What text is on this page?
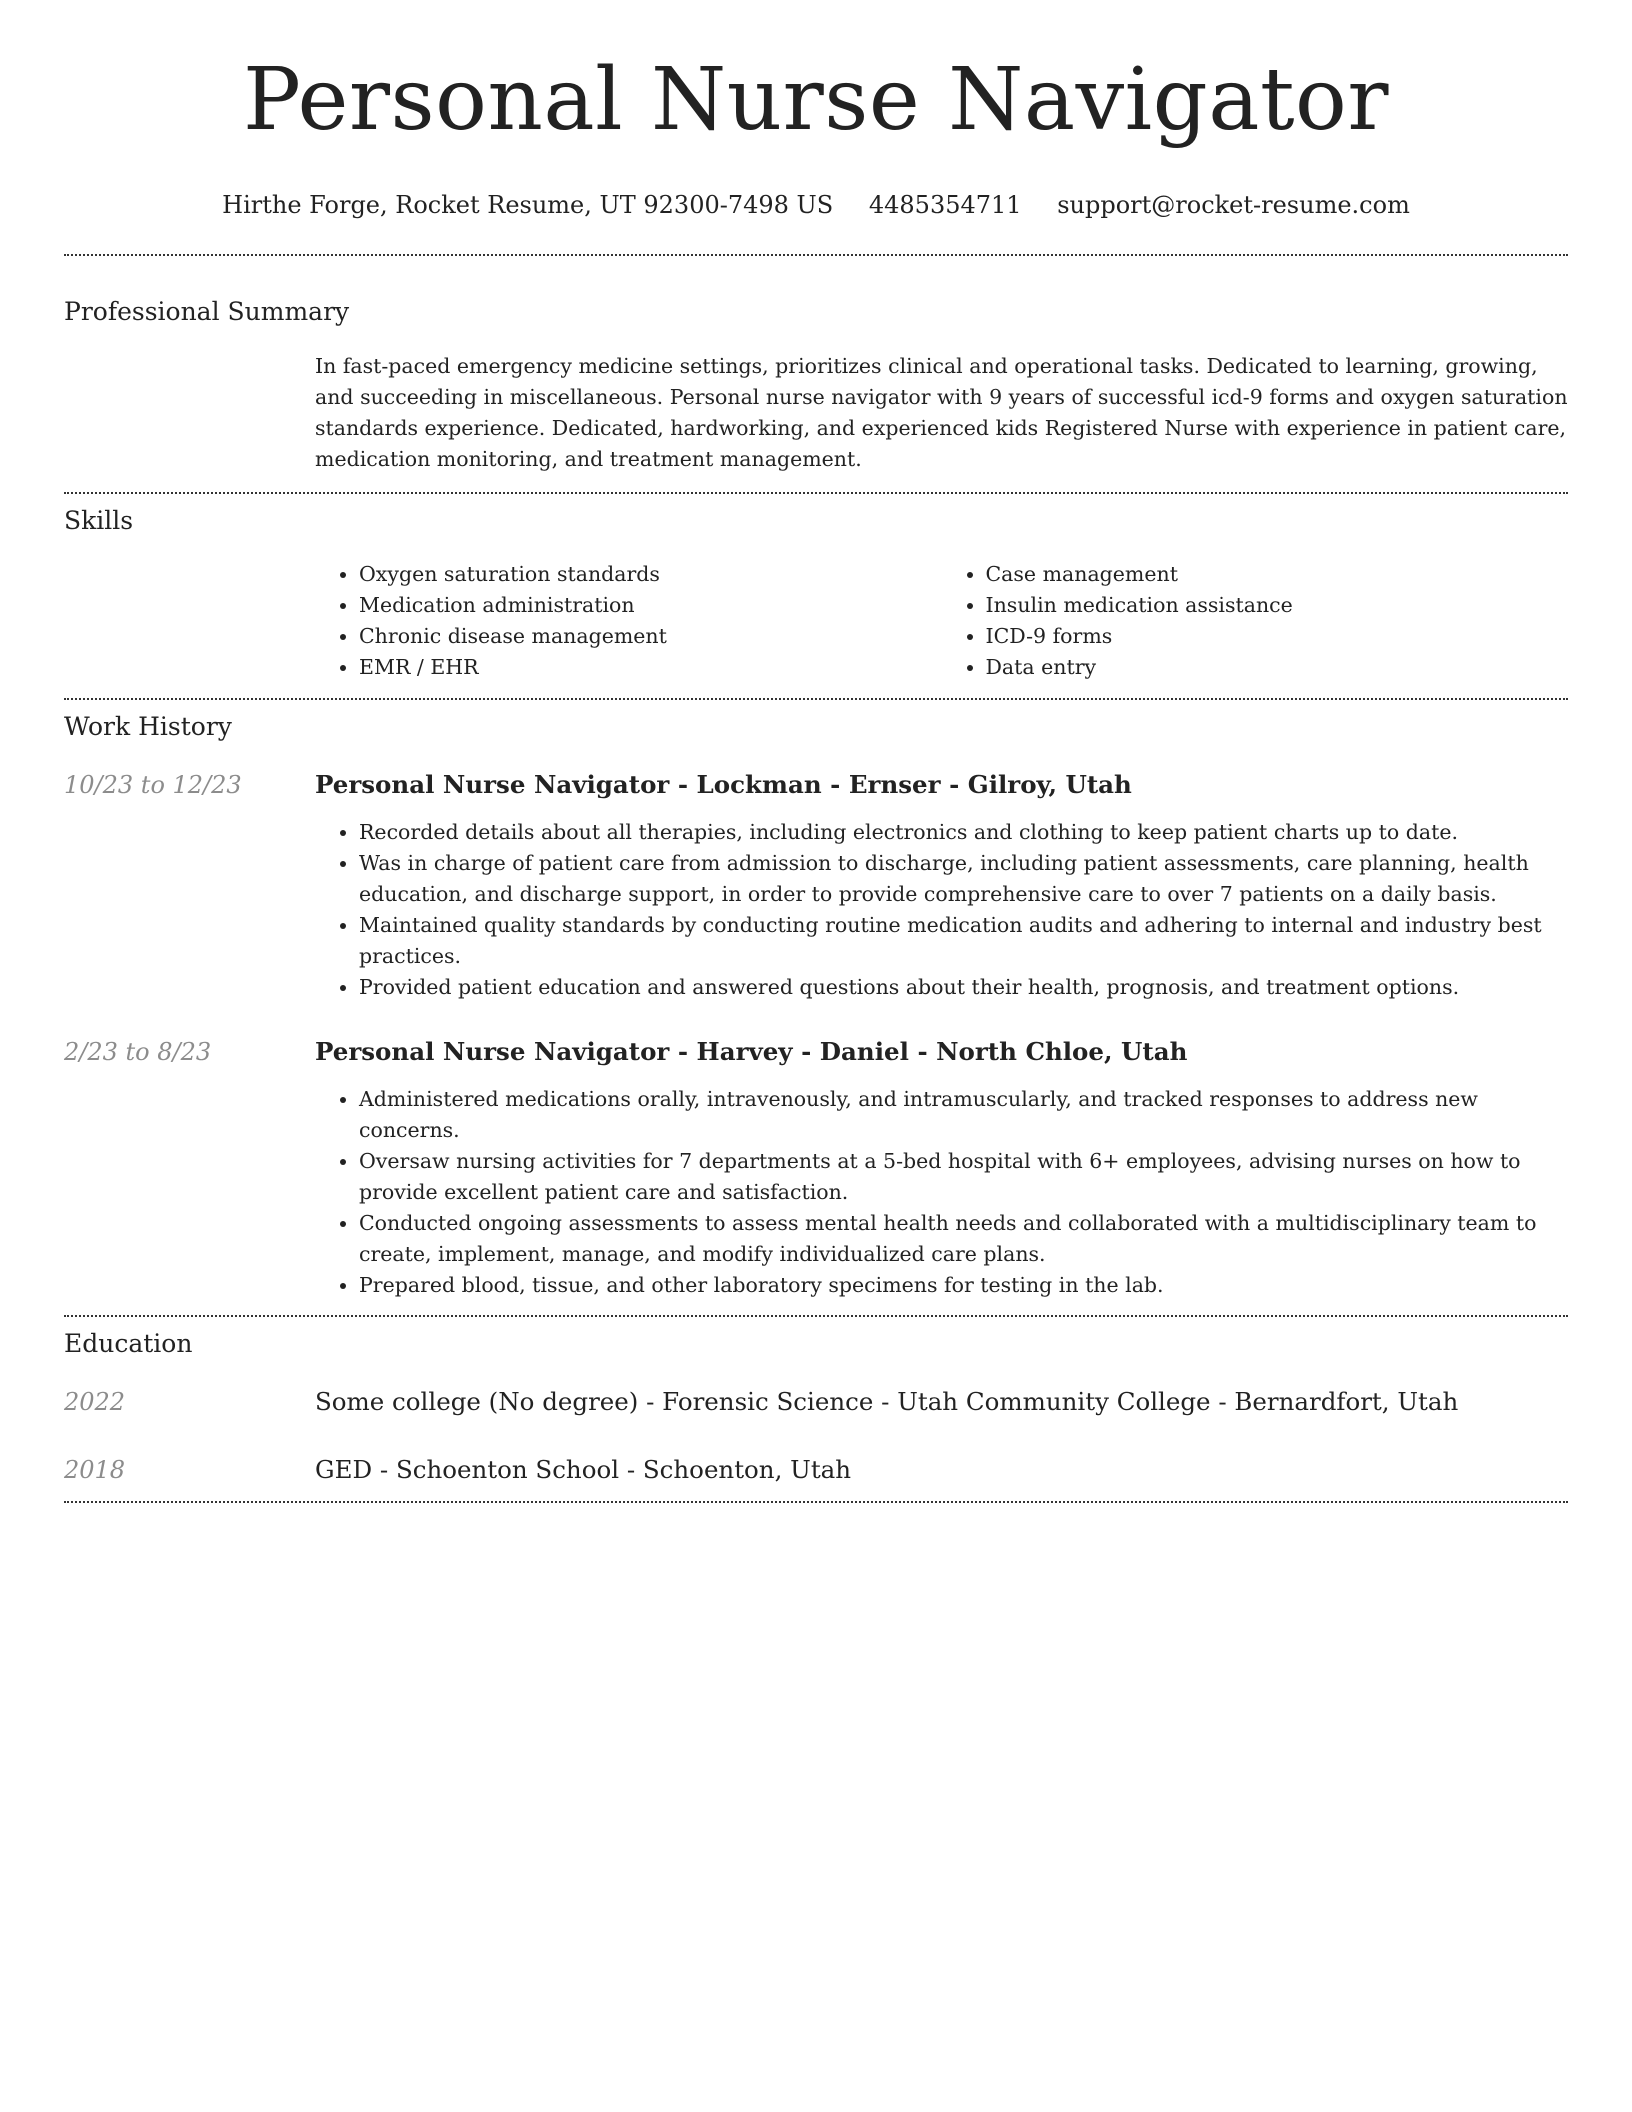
Personal Nurse Navigator
Hirthe Forge, Rocket Resume, UT 92300-7498 US 4485354711 support@rocket-resume.com
Professional Summary

In fast-paced emergency medicine settings, prioritizes clinical and operational tasks. Dedicated to learning, growing, and succeeding in miscellaneous. Personal nurse navigator with 9 years of successful icd-9 forms and oxygen saturation standards experience. Dedicated, hardworking, and experienced kids Registered Nurse with experience in patient care, medication monitoring, and treatment management.

Skills
• Oxygen saturation standards
• Medication administration
• Chronic disease management
• EMR / EHR
• Case management
• Insulin medication assistance
• ICD-9 forms
• Data entry
Work History
10/23 to 12/23	Personal Nurse Navigator - Lockman - Ernser - Gilroy, Utah
• Recorded details about all therapies, including electronics and clothing to keep patient charts up to date.
• Was in charge of patient care from admission to discharge, including patient assessments, care planning, health education, and discharge support, in order to provide comprehensive care to over 7 patients on a daily basis.
• Maintained quality standards by conducting routine medication audits and adhering to internal and industry best practices.
• Provided patient education and answered questions about their health, prognosis, and treatment options.
2/23 to 8/23	Personal Nurse Navigator - Harvey - Daniel - North Chloe, Utah
• Administered medications orally, intravenously, and intramuscularly, and tracked responses to address new concerns.
• Oversaw nursing activities for 7 departments at a 5-bed hospital with 6+ employees, advising nurses on how to provide excellent patient care and satisfaction.
• Conducted ongoing assessments to assess mental health needs and collaborated with a multidisciplinary team to create, implement, manage, and modify individualized care plans.
• Prepared blood, tissue, and other laboratory specimens for testing in the lab.
Education
2022	Some college (No degree) - Forensic Science - Utah Community College - Bernardfort, Utah
2018	GED - Schoenton School - Schoenton, Utah
